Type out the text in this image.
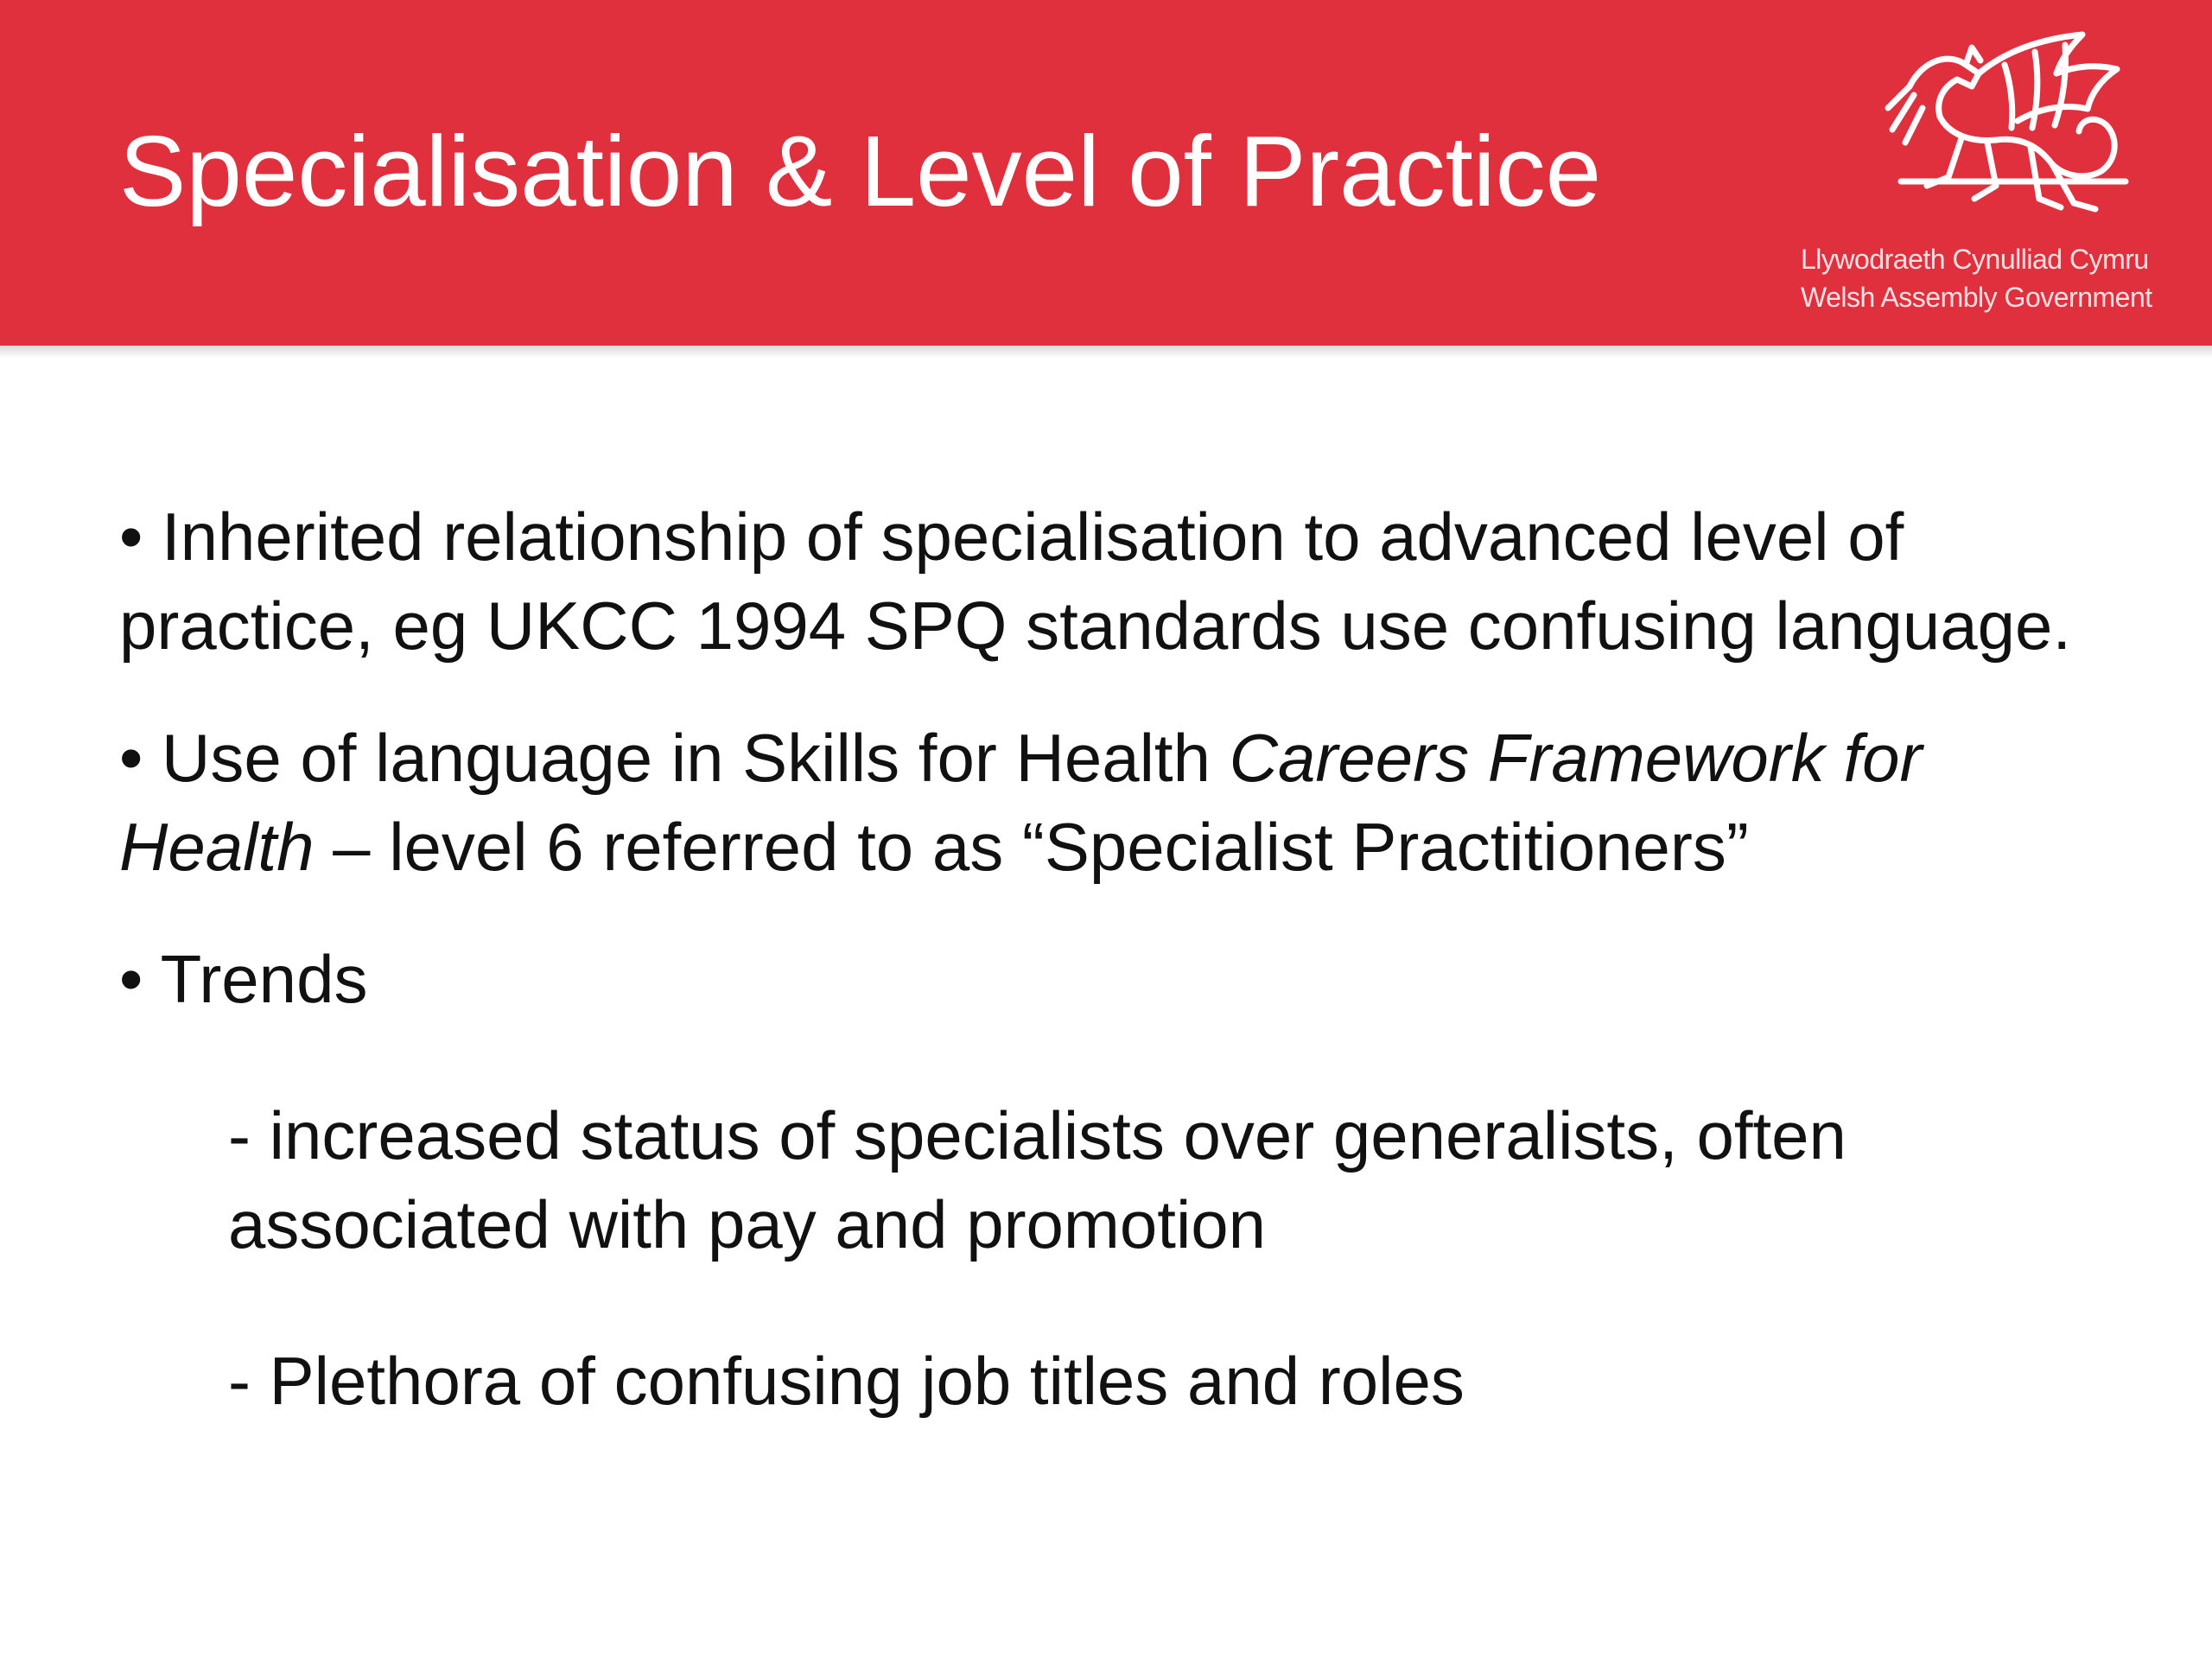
Specialisation & Level of Practice
Llywodraeth Cynulliad Cymru
Welsh Assembly Government

• Inherited relationship of specialisation to advanced level of practice, eg UKCC 1994 SPQ standards use confusing language.

• Use of language in Skills for Health Careers Framework for Health – level 6 referred to as “Specialist Practitioners”

• Trends

- increased status of specialists over generalists, often associated with pay and promotion

- Plethora of confusing job titles and roles
